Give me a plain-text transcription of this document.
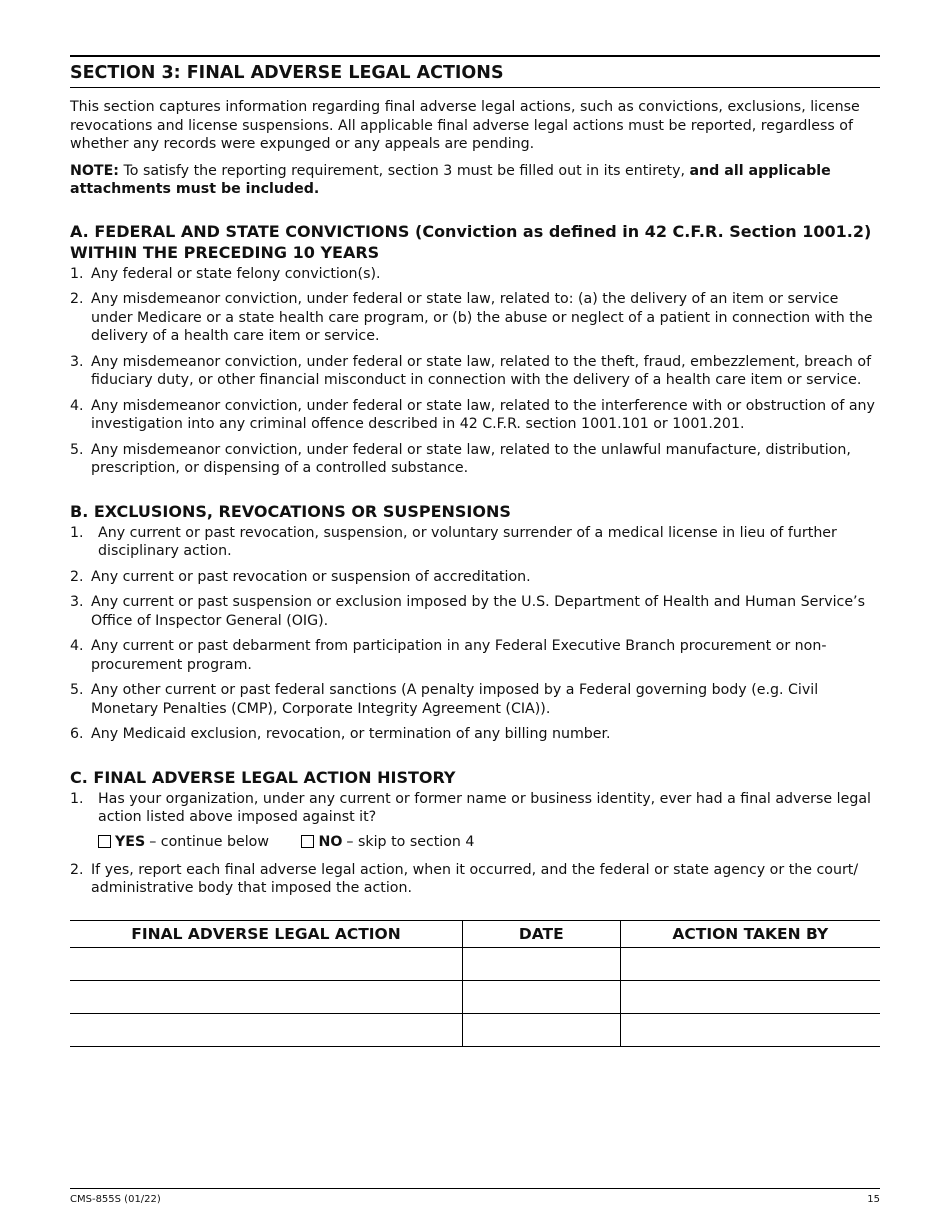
SECTION 3: FINAL ADVERSE LEGAL ACTIONS

This section captures information regarding final adverse legal actions, such as convictions, exclusions, license revocations and license suspensions. All applicable final adverse legal actions must be reported, regardless of whether any records were expunged or any appeals are pending.

NOTE: To satisfy the reporting requirement, section 3 must be filled out in its entirety, and all applicable attachments must be included.

A. FEDERAL AND STATE CONVICTIONS (Conviction as defined in 42 C.F.R. Section 1001.2) WITHIN THE PRECEDING 10 YEARS
1. Any federal or state felony conviction(s).
2. Any misdemeanor conviction, under federal or state law, related to: (a) the delivery of an item or service under Medicare or a state health care program, or (b) the abuse or neglect of a patient in connection with the delivery of a health care item or service.
3. Any misdemeanor conviction, under federal or state law, related to the theft, fraud, embezzlement, breach of fiduciary duty, or other financial misconduct in connection with the delivery of a health care item or service.
4. Any misdemeanor conviction, under federal or state law, related to the interference with or obstruction of any investigation into any criminal offence described in 42 C.F.R. section 1001.101 or 1001.201.
5. Any misdemeanor conviction, under federal or state law, related to the unlawful manufacture, distribution, prescription, or dispensing of a controlled substance.
B. EXCLUSIONS, REVOCATIONS OR SUSPENSIONS
1. Any current or past revocation, suspension, or voluntary surrender of a medical license in lieu of further disciplinary action.
2. Any current or past revocation or suspension of accreditation.
3. Any current or past suspension or exclusion imposed by the U.S. Department of Health and Human Service’s Office of Inspector General (OIG).
4. Any current or past debarment from participation in any Federal Executive Branch procurement or non-procurement program.
5. Any other current or past federal sanctions (A penalty imposed by a Federal governing body (e.g. Civil Monetary Penalties (CMP), Corporate Integrity Agreement (CIA)).
6. Any Medicaid exclusion, revocation, or termination of any billing number.
C. FINAL ADVERSE LEGAL ACTION HISTORY
1. Has your organization, under any current or former name or business identity, ever had a final adverse legal action listed above imposed against it?
YES – continue below
	NO – skip to section 4
2. If yes, report each final adverse legal action, when it occurred, and the federal or state agency or the court/ administrative body that imposed the action.
FINAL ADVERSE LEGAL ACTION	DATE	ACTION TAKEN BY

CMS-855S (01/22)	15
